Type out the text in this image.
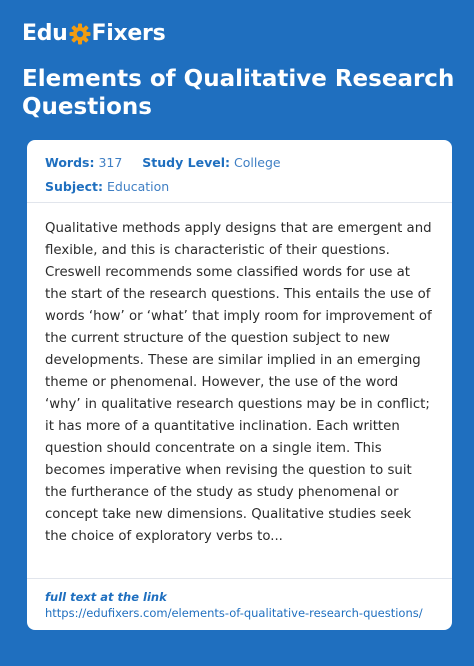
Edu Fixers
Elements of Qualitative Research Questions
Words: 317 Study Level: College
Subject: Education

Qualitative methods apply designs that are emergent and flexible, and this is characteristic of their questions. Creswell recommends some classified words for use at the start of the research questions. This entails the use of words ‘how’ or ‘what’ that imply room for improvement of the current structure of the question subject to new developments. These are similar implied in an emerging theme or phenomenal. However, the use of the word ‘why’ in qualitative research questions may be in conflict; it has more of a quantitative inclination. Each written question should concentrate on a single item. This becomes imperative when revising the question to suit the furtherance of the study as study phenomenal or concept take new dimensions. Qualitative studies seek the choice of exploratory verbs to...

full text at the link
https://edufixers.com/elements-of-qualitative-research-questions/
